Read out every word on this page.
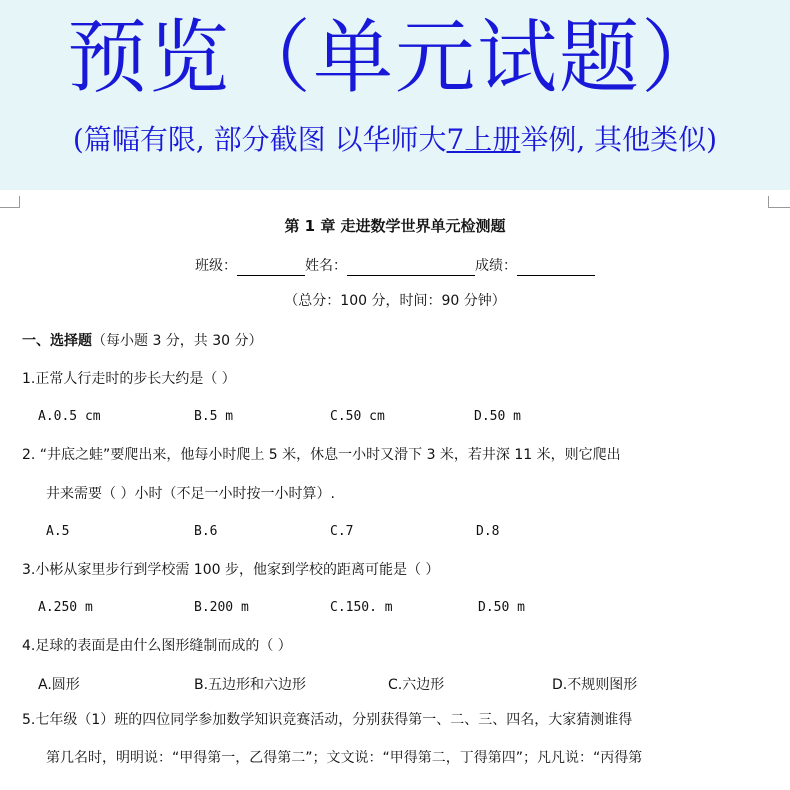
预览（单元试题）
(篇幅有限, 部分截图 以华师大7上册举例, 其他类似)
第 1 章 走进数学世界单元检测题
班级：	姓名：	成绩：
（总分：100 分，时间：90 分钟）
一、选择题（每小题 3 分，共 30 分）
1.正常人行走时的步长大约是（ ）
A.0.5 cm	B.5 m	C.50 cm	D.50 m
2. “井底之蛙”要爬出来，他每小时爬上 5 米，休息一小时又滑下 3 米，若井深 11 米，则它爬出
井来需要（ ）小时（不足一小时按一小时算）.
A.5	B.6	C.7	D.8
3.小彬从家里步行到学校需 100 步，他家到学校的距离可能是（ ）
A.250 m	B.200 m	C.150. m	D.50 m
4.足球的表面是由什么图形缝制而成的（ ）
A.圆形	B.五边形和六边形	C.六边形	D.不规则图形
5.七年级（1）班的四位同学参加数学知识竞赛活动，分别获得第一、二、三、四名，大家猜测谁得
第几名时，明明说：“甲得第一，乙得第二”；文文说：“甲得第二，丁得第四”；凡凡说：“丙得第
